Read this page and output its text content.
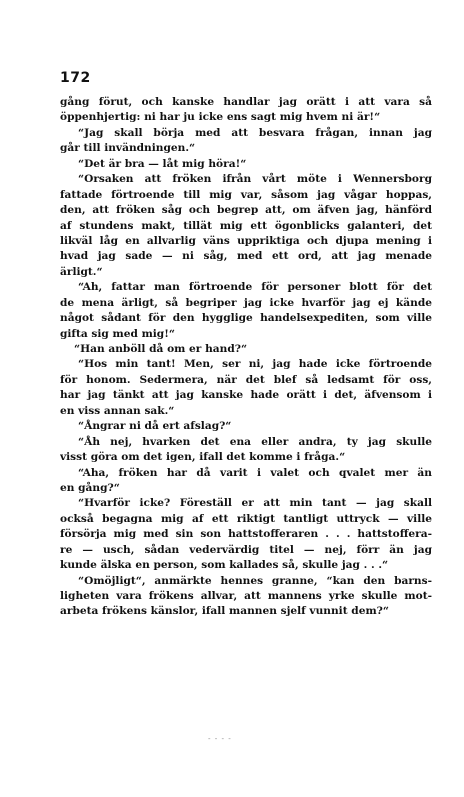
172
gång förut, och kanske handlar jag orätt i att vara så
öppenhjertig: ni har ju icke ens sagt mig hvem ni är!“
“Jag skall börja med att besvara frågan, innan jag
går till invändningen.“
“Det är bra — låt mig höra!“
“Orsaken att fröken ifrån vårt möte i Wennersborg
fattade förtroende till mig var, såsom jag vågar hoppas,
den, att fröken såg och begrep att, om äfven jag, hänförd
af stundens makt, tillät mig ett ögonblicks galanteri, det
likväl låg en allvarlig väns uppriktiga och djupa mening i
hvad jag sade — ni såg, med ett ord, att jag menade
ärligt.“
“Ah, fattar man förtroende för personer blott för det
de mena ärligt, så begriper jag icke hvarför jag ej kände
något sådant för den hygglige handelsexpediten, som ville
gifta sig med mig!“
“Han anböll då om er hand?“
“Hos min tant! Men, ser ni, jag hade icke förtroende
för honom. Sedermera, när det blef så ledsamt för oss,
har jag tänkt att jag kanske hade orätt i det, äfvensom i
en viss annan sak.“
“Ångrar ni då ert afslag?“
“Åh nej, hvarken det ena eller andra, ty jag skulle
visst göra om det igen, ifall det komme i fråga.“
“Aha, fröken har då varit i valet och qvalet mer än
en gång?“
“Hvarför icke? Föreställ er att min tant — jag skall
också begagna mig af ett riktigt tantligt uttryck — ville
försörja mig med sin son hattstofferaren . . . hattstoffera-
re — usch, sådan vedervärdig titel — nej, förr än jag
kunde älska en person, som kallades så, skulle jag . . .“
“Omöjligt“, anmärkte hennes granne, “kan den barns-
ligheten vara frökens allvar, att mannens yrke skulle mot-
arbeta frökens känslor, ifall mannen sjelf vunnit dem?“
- - - -
